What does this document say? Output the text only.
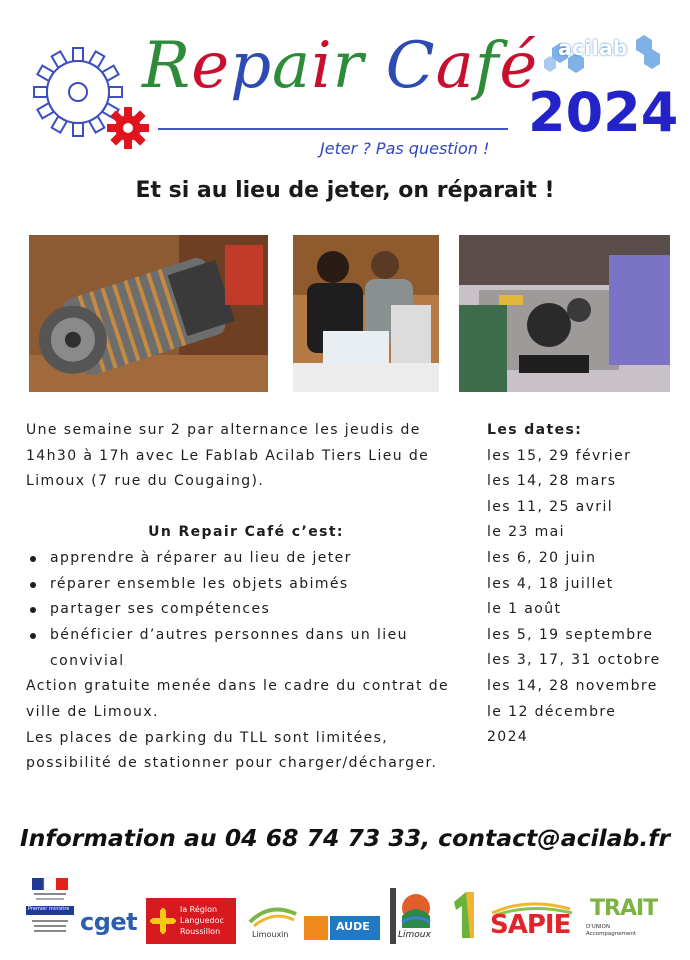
Repair Café
Jeter ? Pas question !
acilab
2024
Et si au lieu de jeter, on réparait !

Une semaine sur 2 par alternance les jeudis de 14h30 à 17h avec Le Fablab Acilab Tiers Lieu de Limoux (7 rue du Cougaing).

Un Repair Café c’est:

apprendre à réparer au lieu de jeter
réparer ensemble les objets abimés
partager ses compétences
bénéficier d’autres personnes dans un lieu convivial

Action gratuite menée dans le cadre du contrat de ville de Limoux.

Les places de parking du TLL sont limitées, possibilité de stationner pour charger/décharger.

Les dates:
les 15, 29 février
les 14, 28 mars
les 11, 25 avril
le 23 mai
les 6, 20 juin
les 4, 18 juillet
le 1 août
les 5, 19 septembre
les 3, 17, 31 octobre
les 14, 28 novembre
le 12 décembre
2024
Information au 04 68 74 73 33, contact@acilab.fr
Premier ministre cget	la Région
Languedoc
Roussillon	Limouxin
AUDE
Limoux SAPIE
TRAIT
D'UNION Accompagnement
